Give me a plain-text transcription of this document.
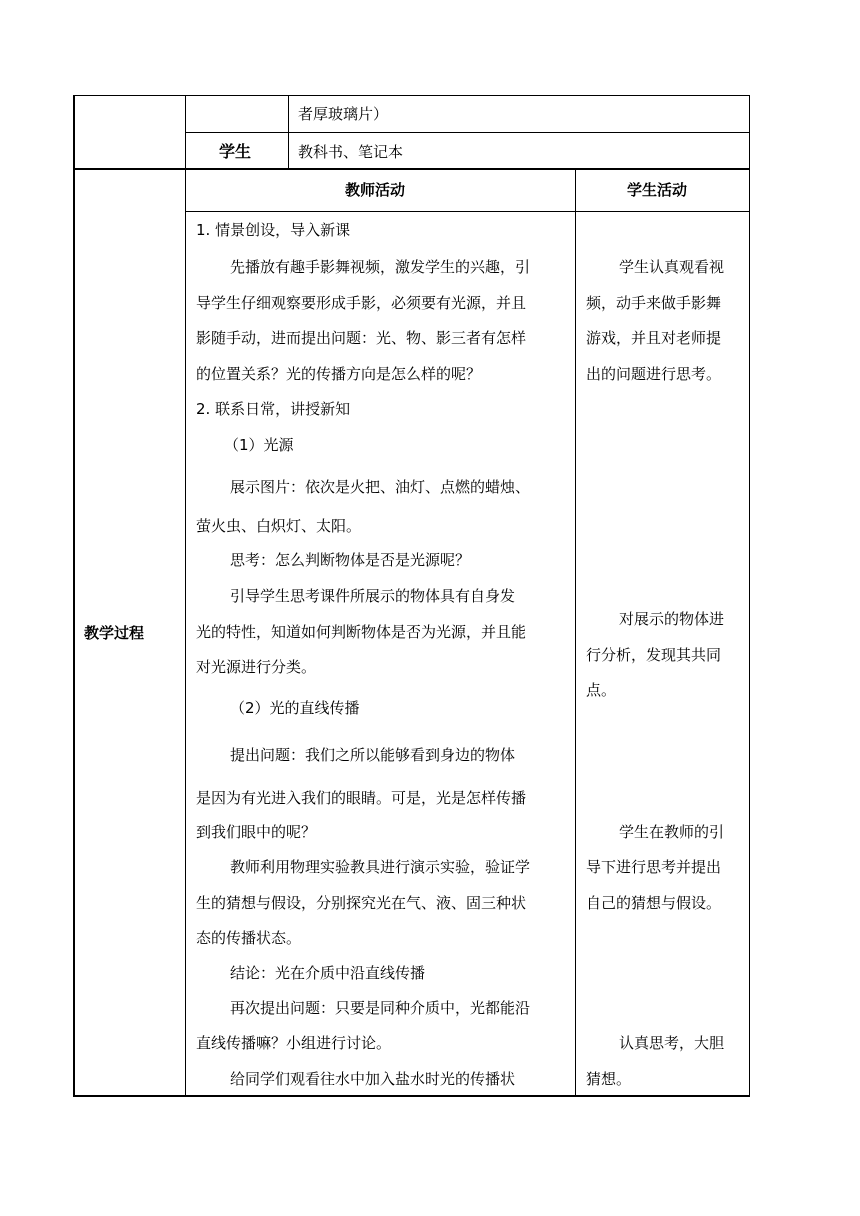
者厚玻璃片）
学生	教科书、笔记本
教学过程
教师活动	学生活动
1. 情景创设，导入新课
先播放有趣手影舞视频，激发学生的兴趣，引
导学生仔细观察要形成手影，必须要有光源，并且
影随手动，进而提出问题：光、物、影三者有怎样
的位置关系？光的传播方向是怎么样的呢？
2. 联系日常，讲授新知
（1）光源
展示图片：依次是火把、油灯、点燃的蜡烛、
萤火虫、白炽灯、太阳。
思考：怎么判断物体是否是光源呢？
引导学生思考课件所展示的物体具有自身发
光的特性，知道如何判断物体是否为光源，并且能
对光源进行分类。
（2）光的直线传播
提出问题：我们之所以能够看到身边的物体
是因为有光进入我们的眼睛。可是，光是怎样传播
到我们眼中的呢？
教师利用物理实验教具进行演示实验，验证学
生的猜想与假设，分别探究光在气、液、固三种状
态的传播状态。
结论：光在介质中沿直线传播
再次提出问题：只要是同种介质中，光都能沿
直线传播嘛？小组进行讨论。
给同学们观看往水中加入盐水时光的传播状
学生认真观看视
频，动手来做手影舞
游戏，并且对老师提
出的问题进行思考。
对展示的物体进
行分析，发现其共同
点。
学生在教师的引
导下进行思考并提出
自己的猜想与假设。
认真思考，大胆
猜想。
